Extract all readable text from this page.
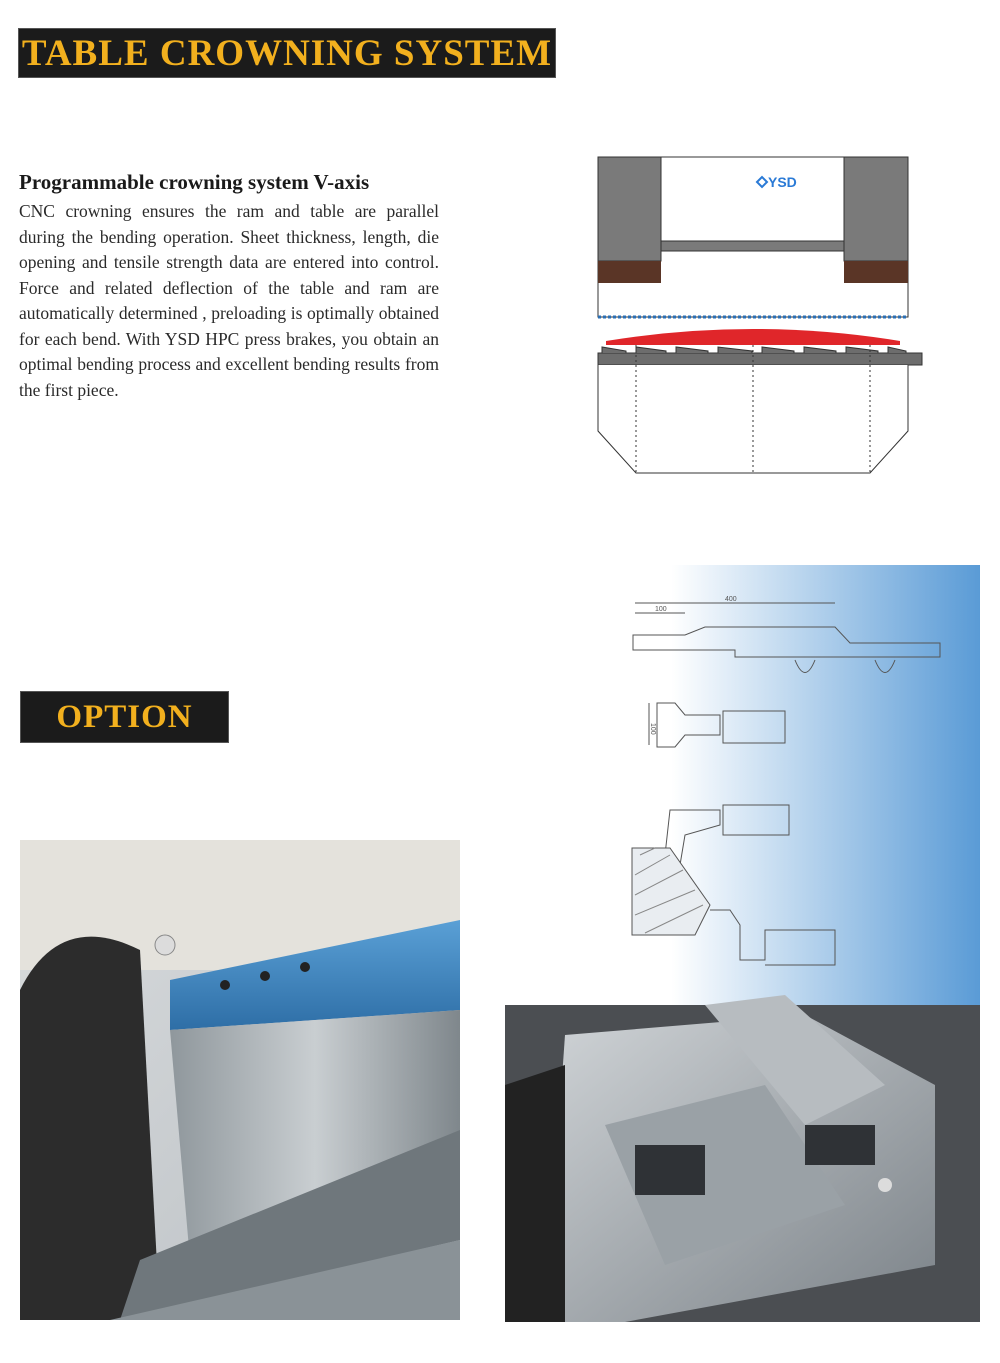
TABLE CROWNING SYSTEM
Programmable crowning system V-axis

CNC crowning ensures the ram and table are parallel during the bending operation. Sheet thickness, length, die opening and tensile strength data are entered into control. Force and related deflection of the table and ram are automatically determined , preloading is optimally obtained for each bend. With YSD HPC press brakes, you obtain an optimal bending process and excellent bending results from the first piece.

YSD
OPTION
400
100
100
